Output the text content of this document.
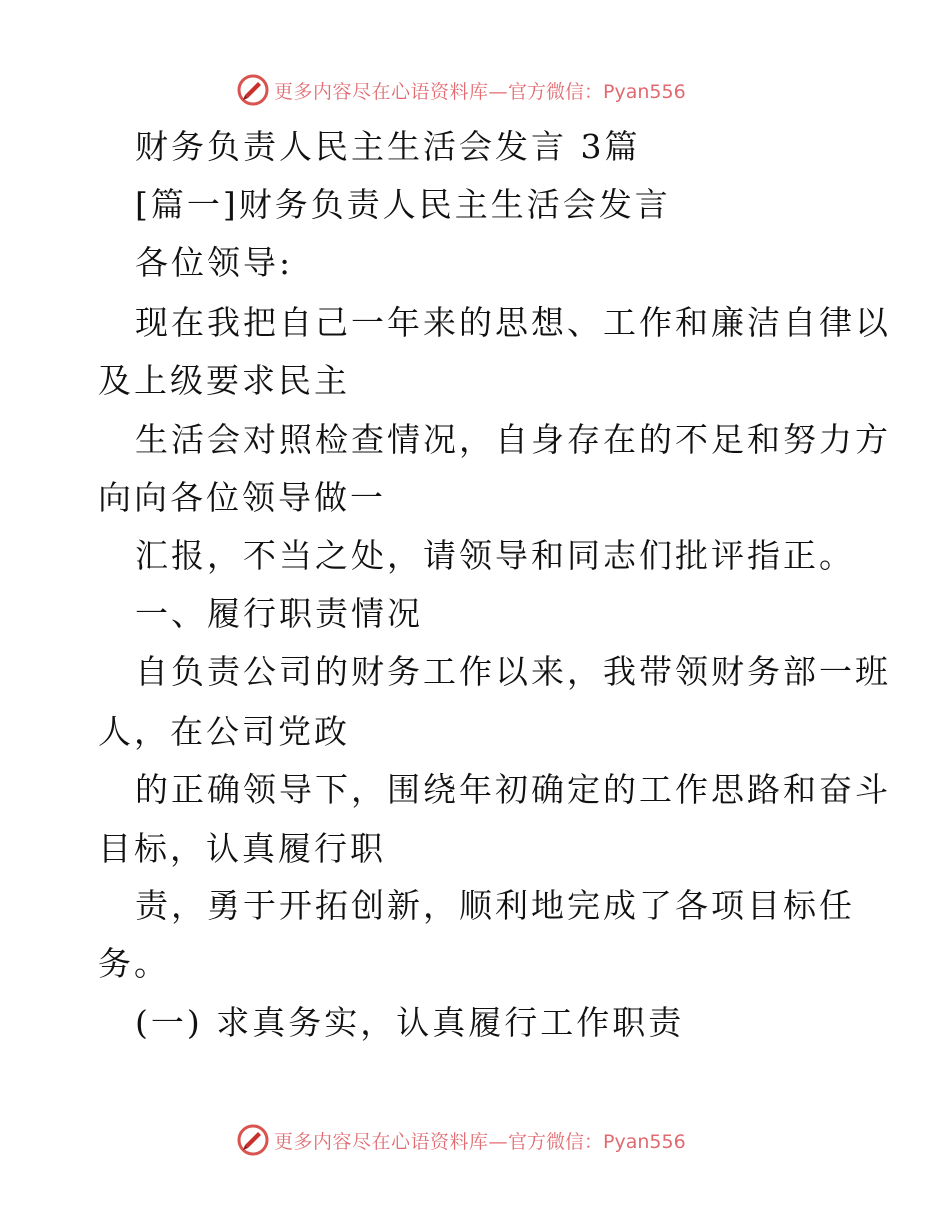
更多内容尽在心语资料库— 官方微信：Pyan556
财务负责人民主生活会发言 3篇
[篇一]财务负责人民主生活会发言
各位领导:
现在我把自己一年来的思想、工作和廉洁自律以
及上级要求民主
生活会对照检查情况，自身存在的不足和努力方
向向各位领导做一
汇报，不当之处，请领导和同志们批评指正。
一、履行职责情况
自负责公司的财务工作以来，我带领财务部一班
人，在公司党政
的正确领导下，围绕年初确定的工作思路和奋斗
目标，认真履行职
责，勇于开拓创新，顺利地完成了各项目标任
务。
(一) 求真务实，认真履行工作职责
更多内容尽在心语资料库— 官方微信：Pyan556
